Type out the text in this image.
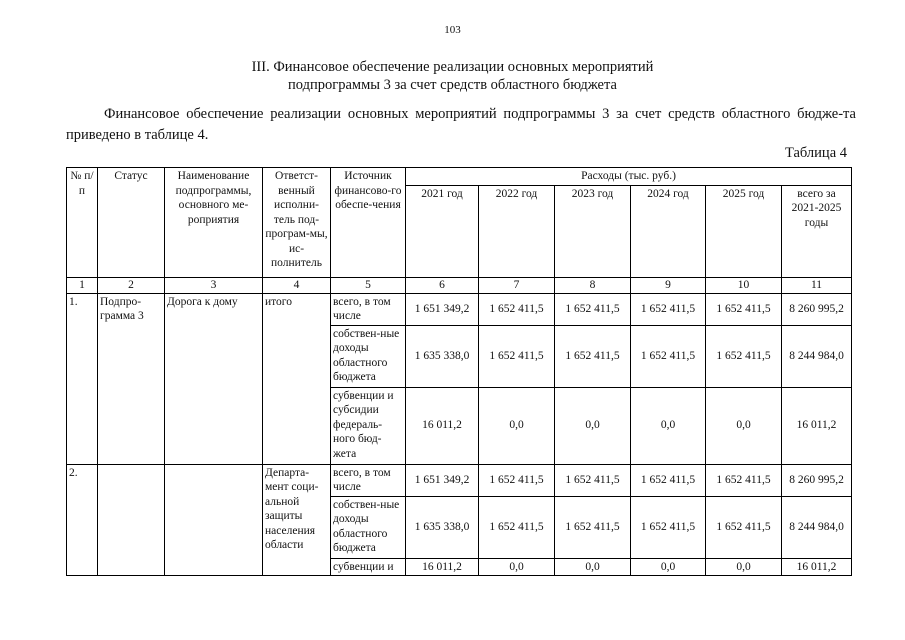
103
III. Финансовое обеспечение реализации основных мероприятий
подпрограммы 3 за счет средств областного бюджета
Финансовое обеспечение реализации основных мероприятий подпрограммы 3 за счет средств областного бюдже-та приведено в таблице 4.
Таблица 4
№ п/п	Статус	Наименование подпрограммы, основного ме-роприятия	Ответст-венный исполни-тель под-програм-мы, ис-полнитель	Источник финансово-го обеспе-чения	Расходы (тыс. руб.)					
					2021 год	2022 год	2023 год	2024 год	2025 год	всего за 2021-2025 годы
1	2	3	4	5	6	7	8	9	10	11
1.	Подпро-грамма 3	Дорога к дому	итого	всего, в том числе	1 651 349,2	1 652 411,5	1 652 411,5	1 652 411,5	1 652 411,5	8 260 995,2
				собствен-ные доходы областного бюджета	1 635 338,0	1 652 411,5	1 652 411,5	1 652 411,5	1 652 411,5	8 244 984,0
				субвенции и субсидии федераль-ного бюд-жета	16 011,2	0,0	0,0	0,0	0,0	16 011,2
2.			Департа-мент соци-альной защиты населения области	всего, в том числе	1 651 349,2	1 652 411,5	1 652 411,5	1 652 411,5	1 652 411,5	8 260 995,2
				собствен-ные доходы областного бюджета	1 635 338,0	1 652 411,5	1 652 411,5	1 652 411,5	1 652 411,5	8 244 984,0
				субвенции и	16 011,2	0,0	0,0	0,0	0,0	16 011,2
